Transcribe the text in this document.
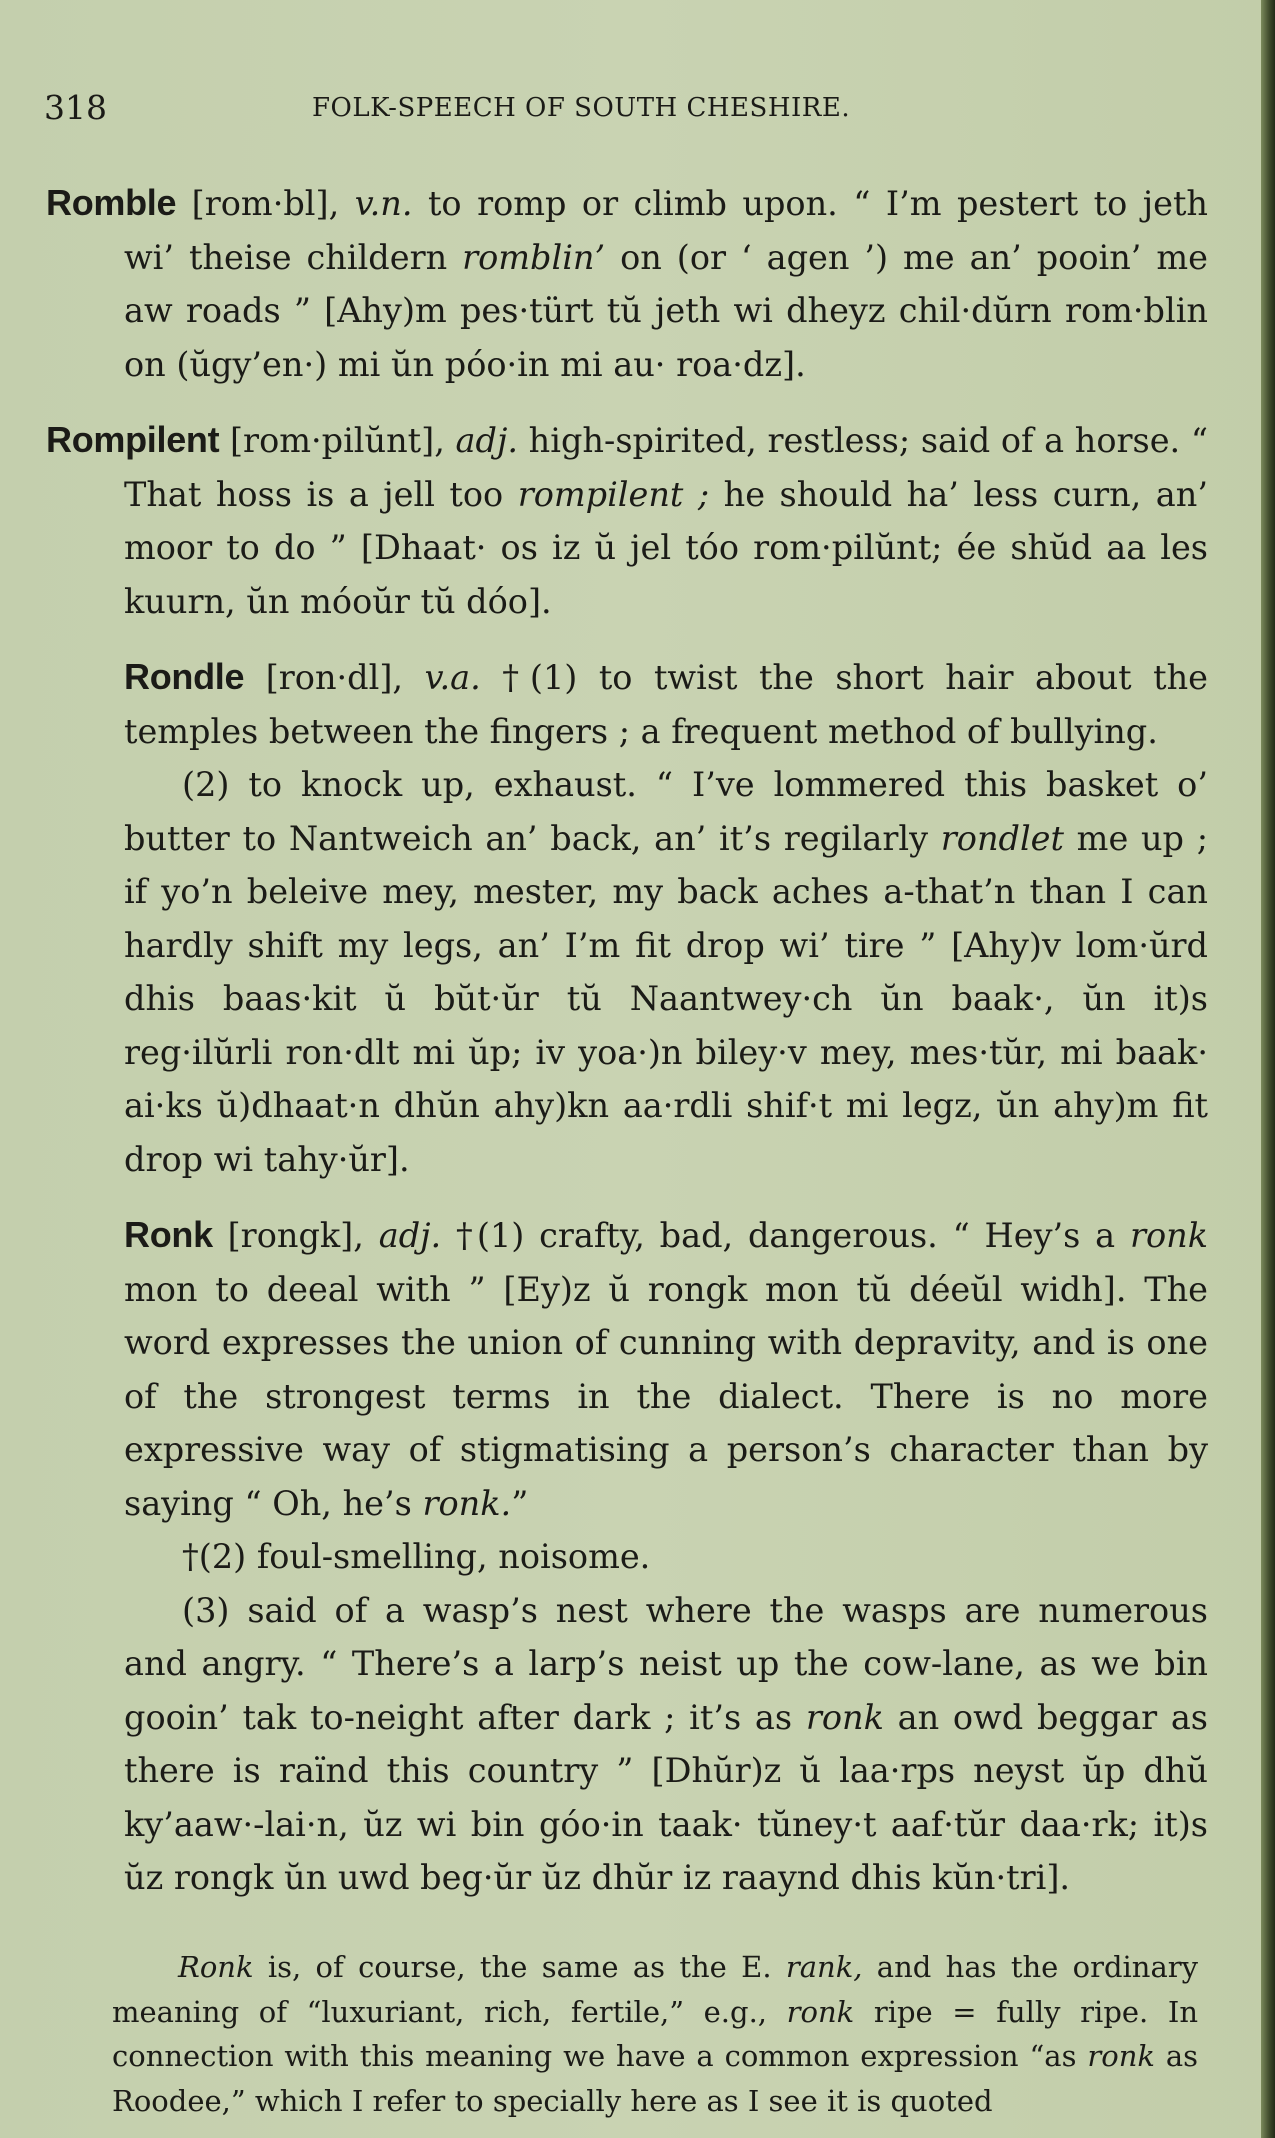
318	FOLK-SPEECH OF SOUTH CHESHIRE.

Romble [rom·bl], v.n. to romp or climb upon. “ I’m pestert to jeth wi’ theise childern romblin’ on (or ‘ agen ’) me an’ pooin’ me aw roads ” [Ahy)m pes·türt tŭ jeth wi dheyz chil·dŭrn rom·blin on (ŭgy’en·) mi ŭn póo·in mi au· roa·dz].

Rompilent [rom·pilŭnt], adj. high-spirited, restless; said of a horse. “ That hoss is a jell too rompilent ; he should ha’ less curn, an’ moor to do ” [Dhaat· os iz ŭ jel tóo rom·pilŭnt; ée shŭd aa les kuurn, ŭn móoŭr tŭ dóo].

Rondle [ron·dl], v.a. †(1) to twist the short hair about the temples between the fingers ; a frequent method of bullying.

(2) to knock up, exhaust. “ I’ve lommered this basket o’ butter to Nantweich an’ back, an’ it’s regilarly rondlet me up ; if yo’n beleive mey, mester, my back aches a-that’n than I can hardly shift my legs, an’ I’m fit drop wi’ tire ” [Ahy)v lom·ŭrd dhis baas·kit ŭ bŭt·ŭr tŭ Naantwey·ch ŭn baak·, ŭn it)s reg·ilŭrli ron·dlt mi ŭp; iv yoa·)n biley·v mey, mes·tŭr, mi baak· ai·ks ŭ)dhaat·n dhŭn ahy)kn aa·rdli shif·t mi legz, ŭn ahy)m fit drop wi tahy·ŭr].

Ronk [rongk], adj. †(1) crafty, bad, dangerous. “ Hey’s a ronk mon to deeal with ” [Ey)z ŭ rongk mon tŭ déeŭl widh]. The word expresses the union of cunning with depravity, and is one of the strongest terms in the dialect. There is no more expressive way of stigmatising a person’s character than by saying “ Oh, he’s ronk.”

†(2) foul-smelling, noisome.

(3) said of a wasp’s nest where the wasps are numerous and angry. “ There’s a larp’s neist up the cow-lane, as we bin gooin’ tak to-neight after dark ; it’s as ronk an owd beggar as there is raïnd this country ” [Dhŭr)z ŭ laa·rps neyst ŭp dhŭ ky’aaw·-lai·n, ŭz wi bin góo·in taak· tŭney·t aaf·tŭr daa·rk; it)s ŭz rongk ŭn uwd beg·ŭr ŭz dhŭr iz raaynd dhis kŭn·tri].

Ronk is, of course, the same as the E. rank, and has the ordinary meaning of “luxuriant, rich, fertile,” e.g., ronk ripe = fully ripe. In connection with this meaning we have a common expression “as ronk as Roodee,” which I refer to specially here as I see it is quoted
